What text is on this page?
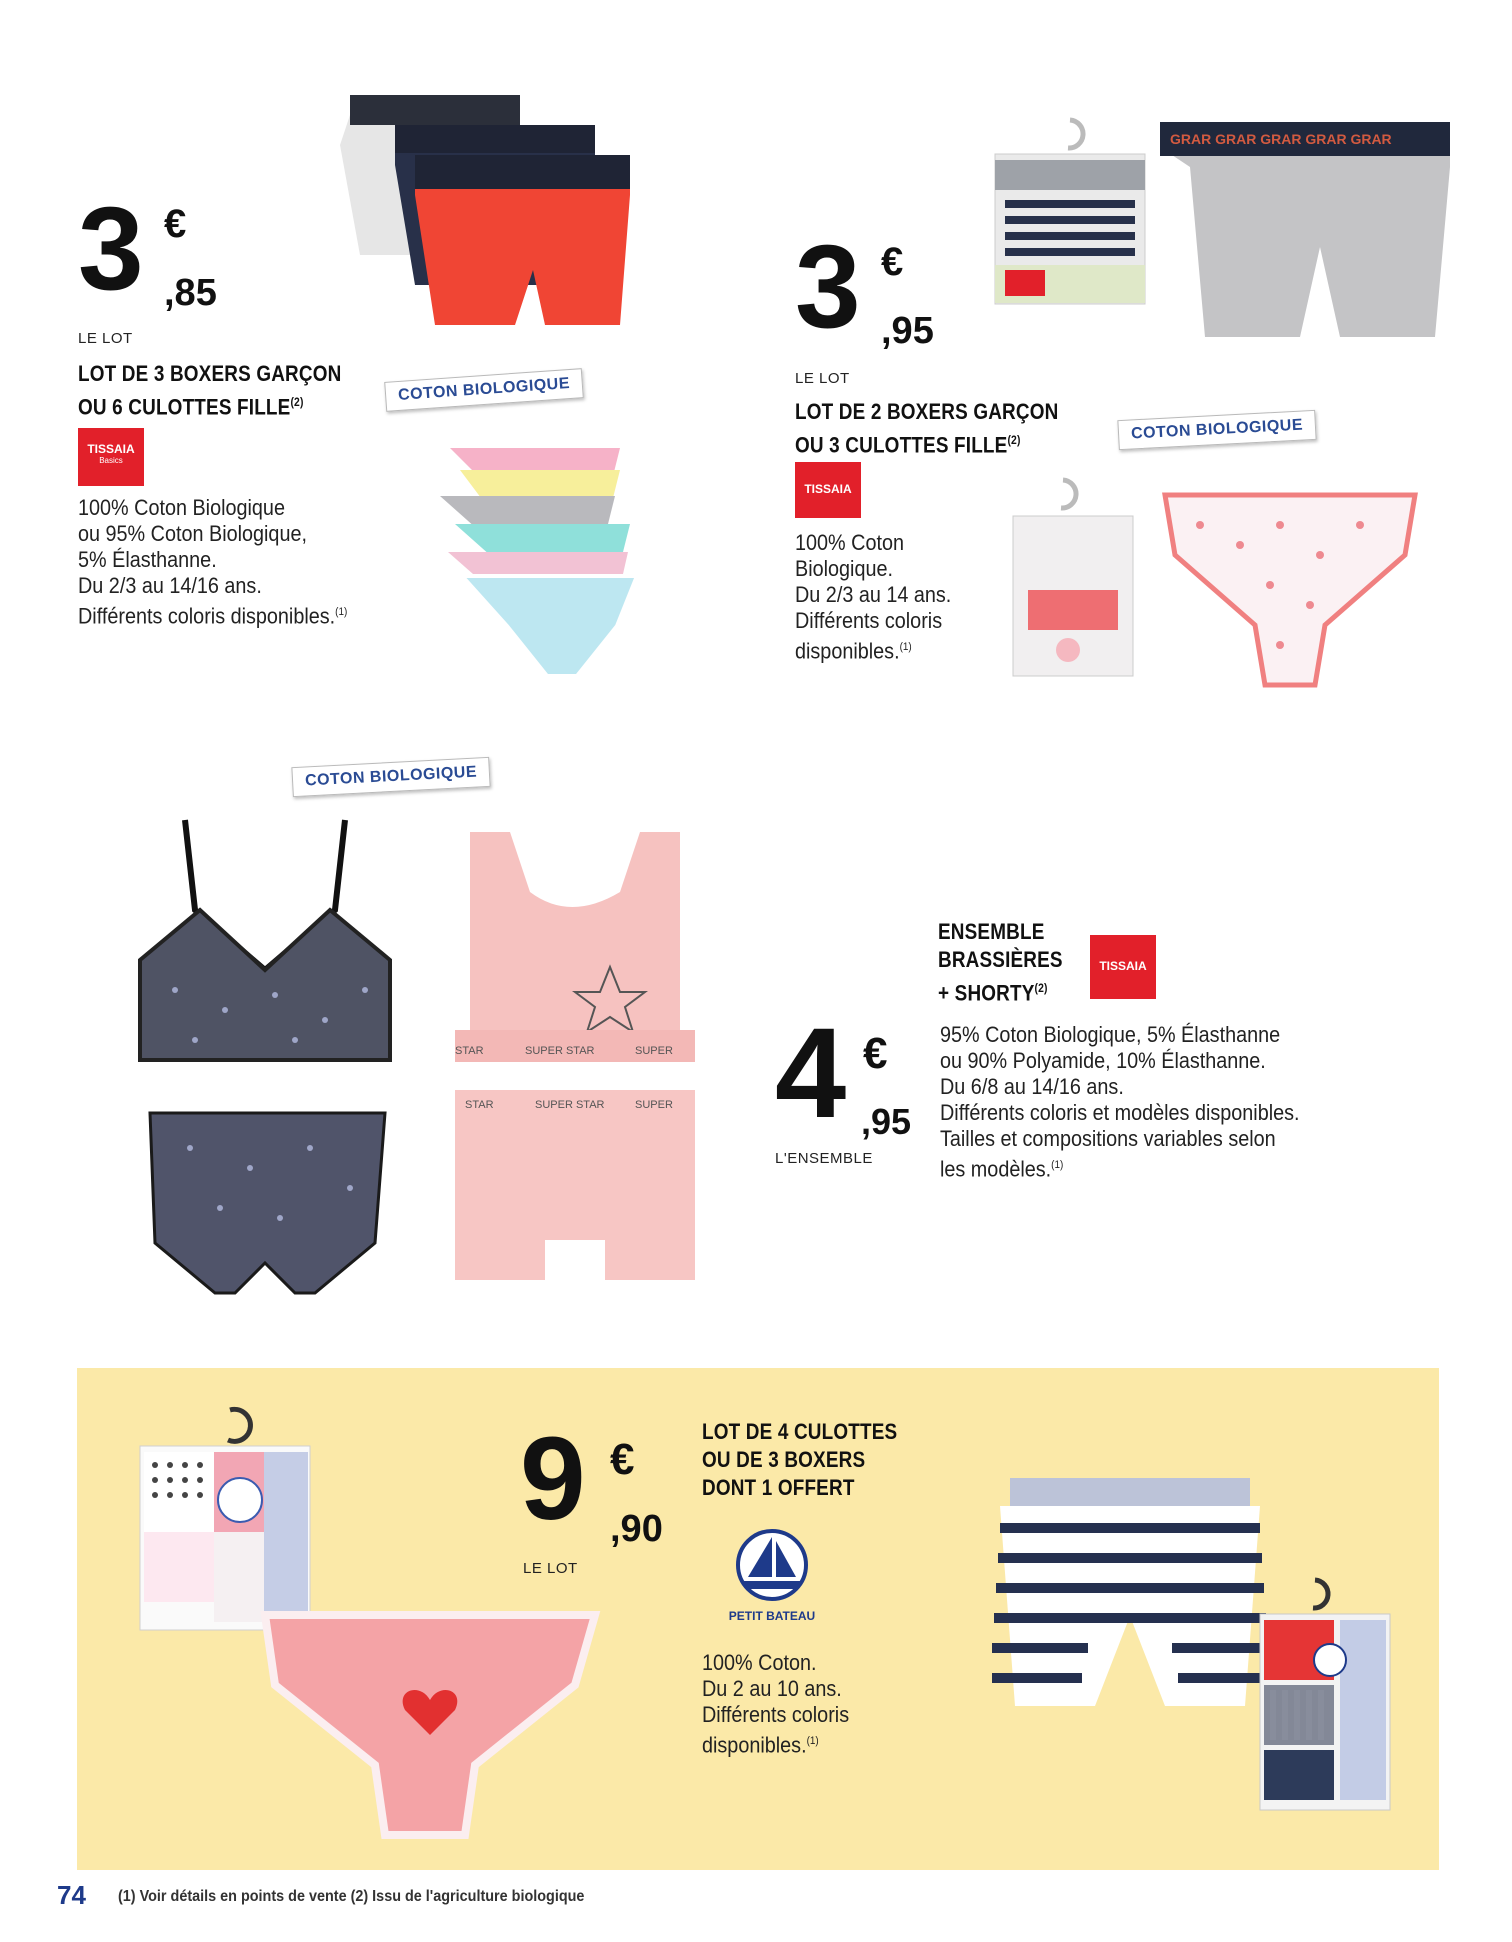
3 €
,85
LE LOT
LOT DE 3 BOXERS GARÇON
OU 6 CULOTTES FILLE$^{(2)}$
TISSAIA
Basics
100% Coton Biologique
ou 95% Coton Biologique,
5% Élasthanne.
Du 2/3 au 14/16 ans.
Différents coloris disponibles.$^{(1)}$
COTON BIOLOGIQUE
3 €
,95
LE LOT
LOT DE 2 BOXERS GARÇON
OU 3 CULOTTES FILLE$^{(2)}$
TISSAIA
100% Coton
Biologique.
Du 2/3 au 14 ans.
Différents coloris
disponibles.$^{(1)}$
COTON BIOLOGIQUE
GRAR GRAR GRAR GRAR GRAR
COTON BIOLOGIQUE
STAR	SUPER STAR	SUPER
STAR	SUPER STAR	SUPER
ENSEMBLE
BRASSIÈRES
+ $SHORTY^{(2)}$
TISSAIA
4 €
,95
L'ENSEMBLE
95% Coton Biologique, 5% Élasthanne
ou 90% Polyamide, 10% Élasthanne.
Du 6/8 au 14/16 ans.
Différents coloris et modèles disponibles.
Tailles et compositions variables selon
les modèles.$^{(1)}$
9 €
,90
LE LOT
LOT DE 4 CULOTTES
OU DE 3 BOXERS
DONT 1 OFFERT
PETIT BATEAU
100% Coton.
Du 2 au 10 ans.
Différents coloris
disponibles.$^{(1)}$
74 (1) Voir détails en points de vente (2) Issu de l'agriculture biologique
